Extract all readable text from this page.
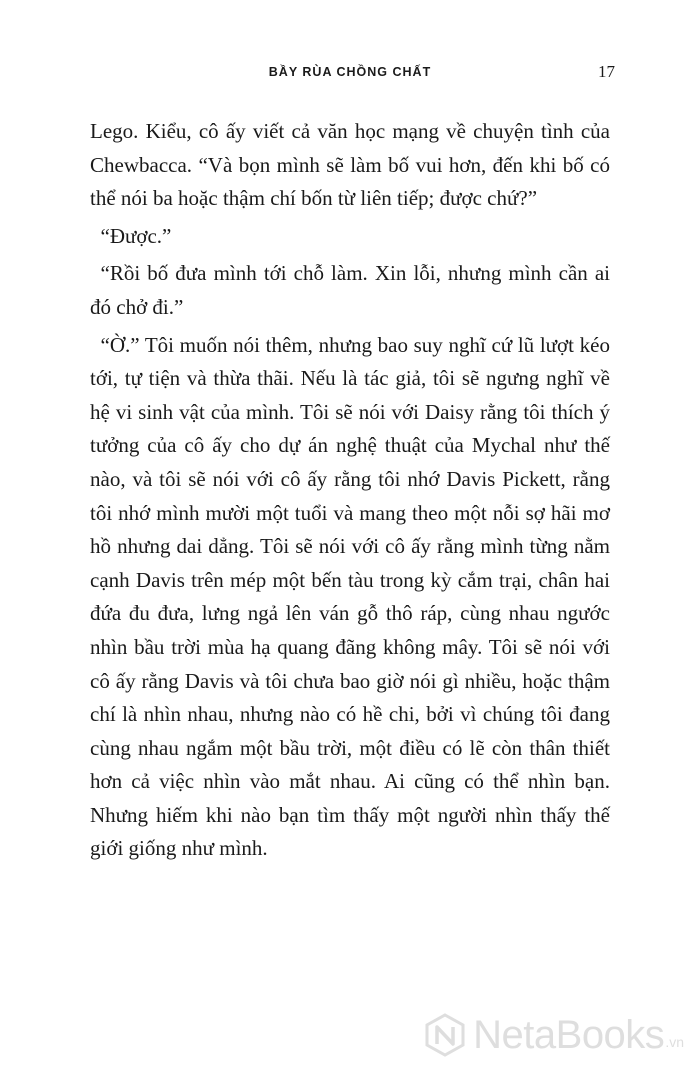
BẦY RÙA CHỒNG CHẤT	17

Lego. Kiểu, cô ấy viết cả văn học mạng về chuyện tình của Chewbacca. “Và bọn mình sẽ làm bố vui hơn, đến khi bố có thể nói ba hoặc thậm chí bốn từ liên tiếp; được chứ?”

“Được.”

“Rồi bố đưa mình tới chỗ làm. Xin lỗi, nhưng mình cần ai đó chở đi.”

“Ờ.” Tôi muốn nói thêm, nhưng bao suy nghĩ cứ lũ lượt kéo tới, tự tiện và thừa thãi. Nếu là tác giả, tôi sẽ ngưng nghĩ về hệ vi sinh vật của mình. Tôi sẽ nói với Daisy rằng tôi thích ý tưởng của cô ấy cho dự án nghệ thuật của Mychal như thế nào, và tôi sẽ nói với cô ấy rằng tôi nhớ Davis Pickett, rằng tôi nhớ mình mười một tuổi và mang theo một nỗi sợ hãi mơ hồ nhưng dai dẳng. Tôi sẽ nói với cô ấy rằng mình từng nằm cạnh Davis trên mép một bến tàu trong kỳ cắm trại, chân hai đứa đu đưa, lưng ngả lên ván gỗ thô ráp, cùng nhau ngước nhìn bầu trời mùa hạ quang đãng không mây. Tôi sẽ nói với cô ấy rằng Davis và tôi chưa bao giờ nói gì nhiều, hoặc thậm chí là nhìn nhau, nhưng nào có hề chi, bởi vì chúng tôi đang cùng nhau ngắm một bầu trời, một điều có lẽ còn thân thiết hơn cả việc nhìn vào mắt nhau. Ai cũng có thể nhìn bạn. Nhưng hiếm khi nào bạn tìm thấy một người nhìn thấy thế giới giống như mình.

NetaBooks .vn
